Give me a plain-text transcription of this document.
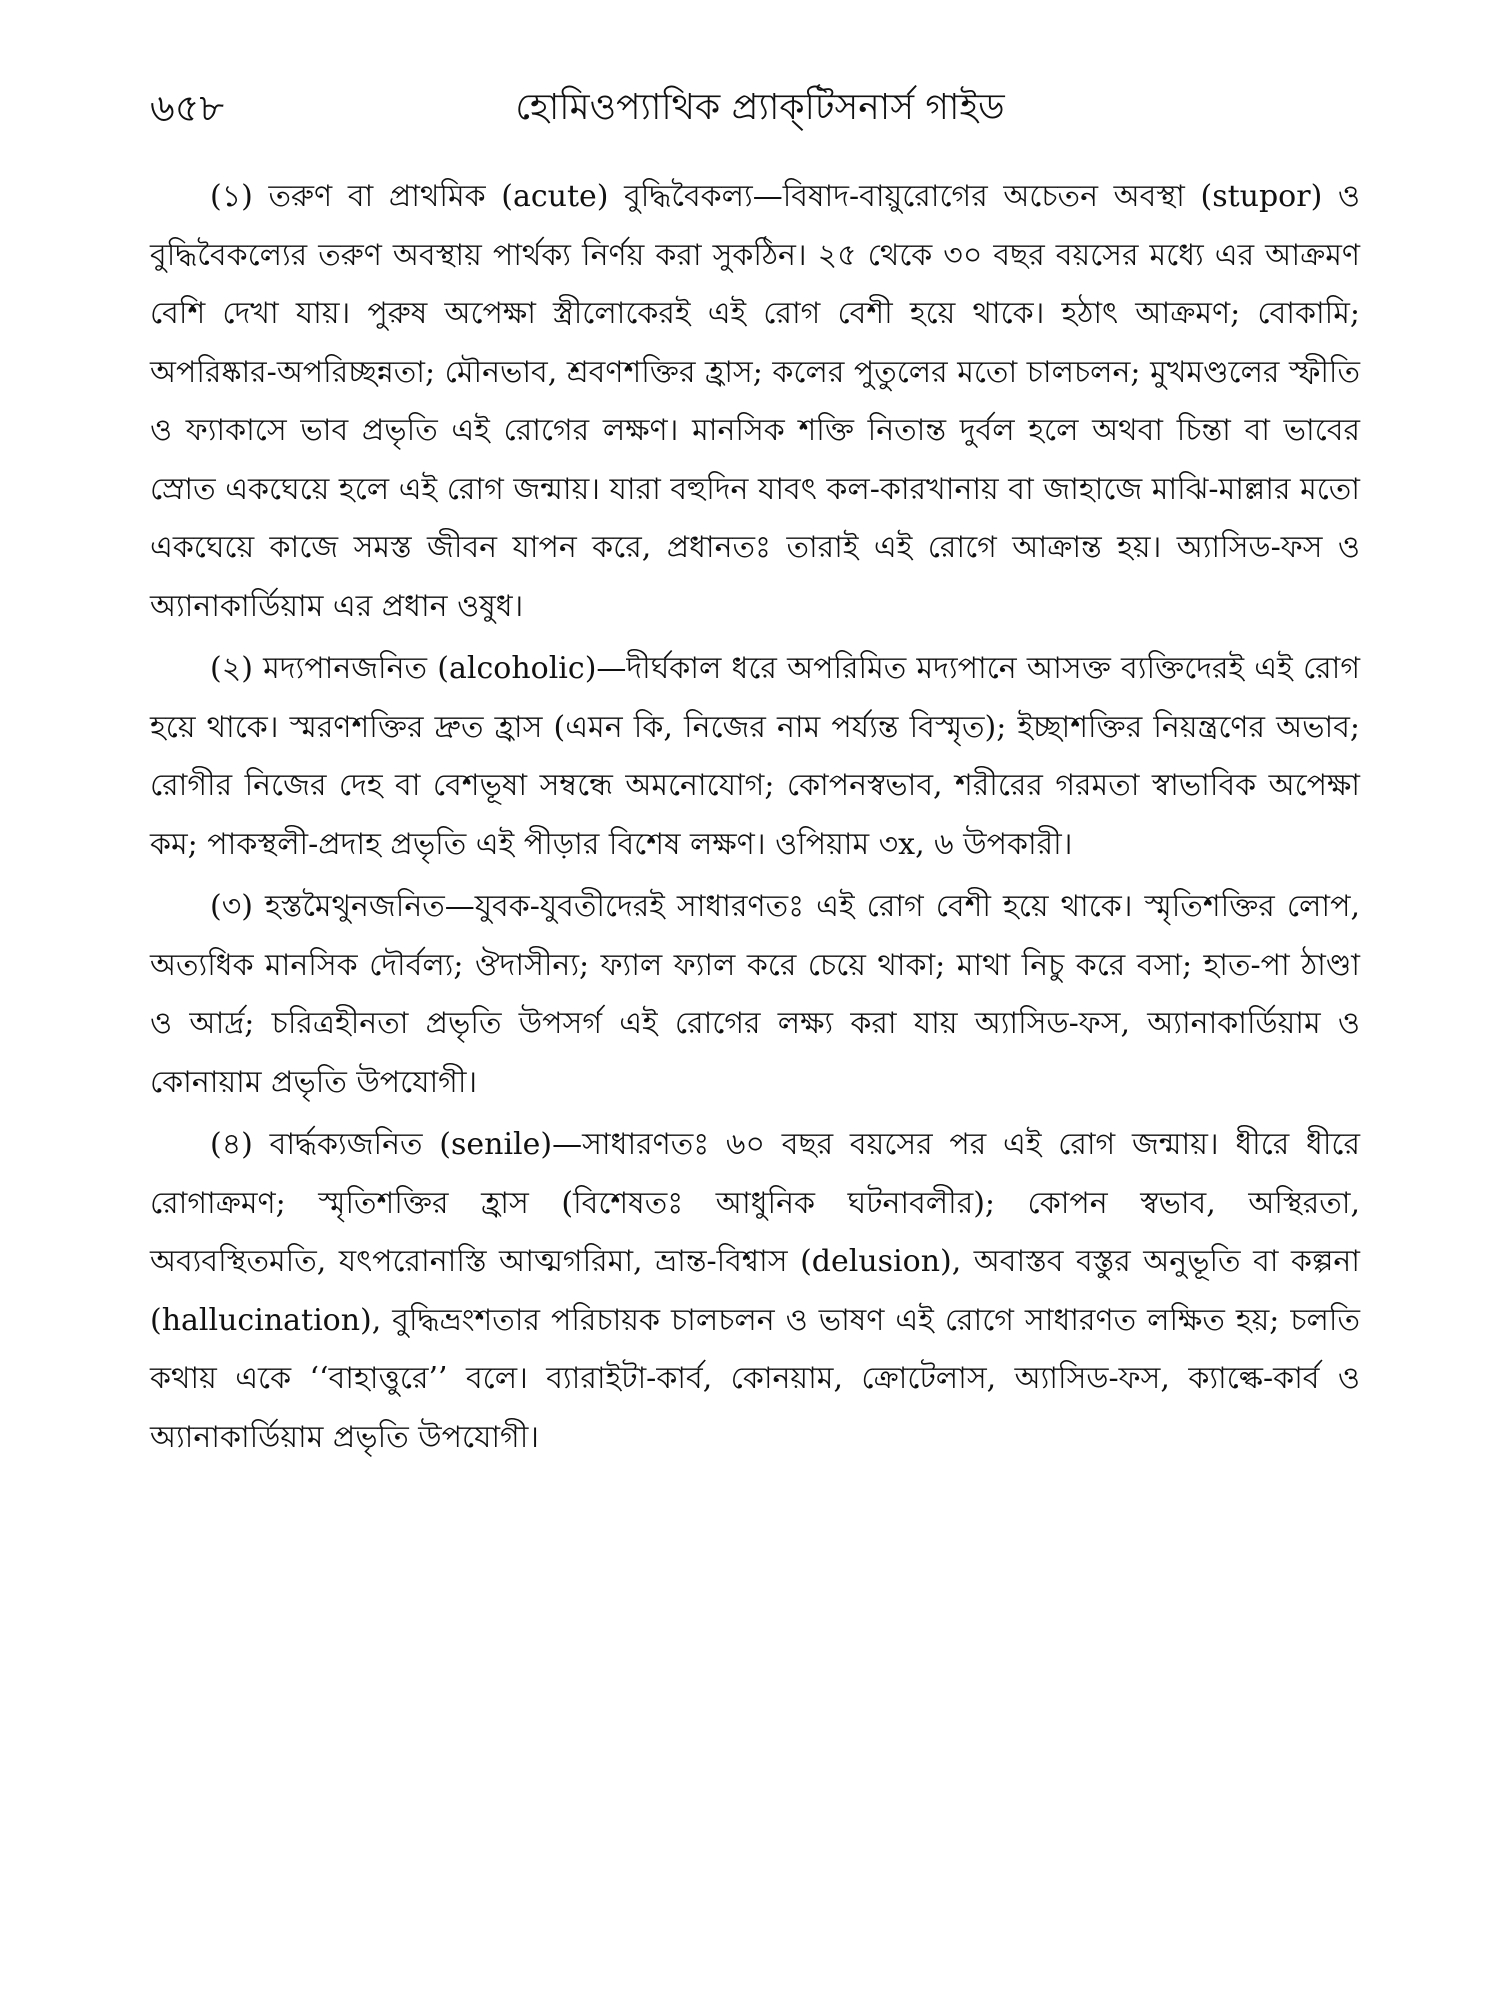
৬৫৮	হোমিওপ্যাথিক প্র্যাক্‌টিসনার্স গাইড

(১) তরুণ বা প্রাথমিক (acute) বুদ্ধিবৈকল্য—বিষাদ-বায়ুরোগের অচেতন অবস্থা (stupor) ও বুদ্ধিবৈকল্যের তরুণ অবস্থায় পার্থক্য নির্ণয় করা সুকঠিন। ২৫ থেকে ৩০ বছর বয়সের মধ্যে এর আক্রমণ বেশি দেখা যায়। পুরুষ অপেক্ষা স্ত্রীলোকেরই এই রোগ বেশী হয়ে থাকে। হঠাৎ আক্রমণ; বোকামি; অপরিষ্কার-অপরিচ্ছন্নতা; মৌনভাব, শ্রবণশক্তির হ্রাস; কলের পুতুলের মতো চালচলন; মুখমণ্ডলের স্ফীতি ও ফ্যাকাসে ভাব প্রভৃতি এই রোগের লক্ষণ। মানসিক শক্তি নিতান্ত দুর্বল হলে অথবা চিন্তা বা ভাবের স্রোত একঘেয়ে হলে এই রোগ জন্মায়। যারা বহুদিন যাবৎ কল-কারখানায় বা জাহাজে মাঝি-মাল্লার মতো একঘেয়ে কাজে সমস্ত জীবন যাপন করে, প্রধানতঃ তারাই এই রোগে আক্রান্ত হয়। অ্যাসিড-ফস ও অ্যানাকার্ডিয়াম এর প্রধান ওষুধ।

(২) মদ্যপানজনিত (alcoholic)—দীর্ঘকাল ধরে অপরিমিত মদ্যপানে আসক্ত ব্যক্তিদেরই এই রোগ হয়ে থাকে। স্মরণশক্তির দ্রুত হ্রাস (এমন কি, নিজের নাম পর্য্যন্ত বিস্মৃত); ইচ্ছাশক্তির নিয়ন্ত্রণের অভাব; রোগীর নিজের দেহ বা বেশভূষা সম্বন্ধে অমনোযোগ; কোপনস্বভাব, শরীরের গরমতা স্বাভাবিক অপেক্ষা কম; পাকস্থলী-প্রদাহ প্রভৃতি এই পীড়ার বিশেষ লক্ষণ। ওপিয়াম ৩x, ৬ উপকারী।

(৩) হস্তমৈথুনজনিত—যুবক-যুবতীদেরই সাধারণতঃ এই রোগ বেশী হয়ে থাকে। স্মৃতিশক্তির লোপ, অত্যধিক মানসিক দৌর্বল্য; ঔদাসীন্য; ফ্যাল ফ্যাল করে চেয়ে থাকা; মাথা নিচু করে বসা; হাত-পা ঠাণ্ডা ও আর্দ্র; চরিত্রহীনতা প্রভৃতি উপসর্গ এই রোগের লক্ষ্য করা যায় অ্যাসিড-ফস, অ্যানাকার্ডিয়াম ও কোনায়াম প্রভৃতি উপযোগী।

(৪) বার্দ্ধক্যজনিত (senile)—সাধারণতঃ ৬০ বছর বয়সের পর এই রোগ জন্মায়। ধীরে ধীরে রোগাক্রমণ; স্মৃতিশক্তির হ্রাস (বিশেষতঃ আধুনিক ঘটনাবলীর); কোপন স্বভাব, অস্থিরতা, অব্যবস্থিতমতি, যৎপরোনাস্তি আত্মগরিমা, ভ্রান্ত-বিশ্বাস (delusion), অবাস্তব বস্তুর অনুভূতি বা কল্পনা (hallucination), বুদ্ধিভ্রংশতার পরিচায়ক চালচলন ও ভাষণ এই রোগে সাধারণত লক্ষিত হয়; চলতি কথায় একে ‘‘বাহাত্তুরে’’ বলে। ব্যারাইটা-কার্ব, কোনয়াম, ক্রোটেলাস, অ্যাসিড-ফস, ক্যাল্কে-কার্ব ও অ্যানাকার্ডিয়াম প্রভৃতি উপযোগী।
